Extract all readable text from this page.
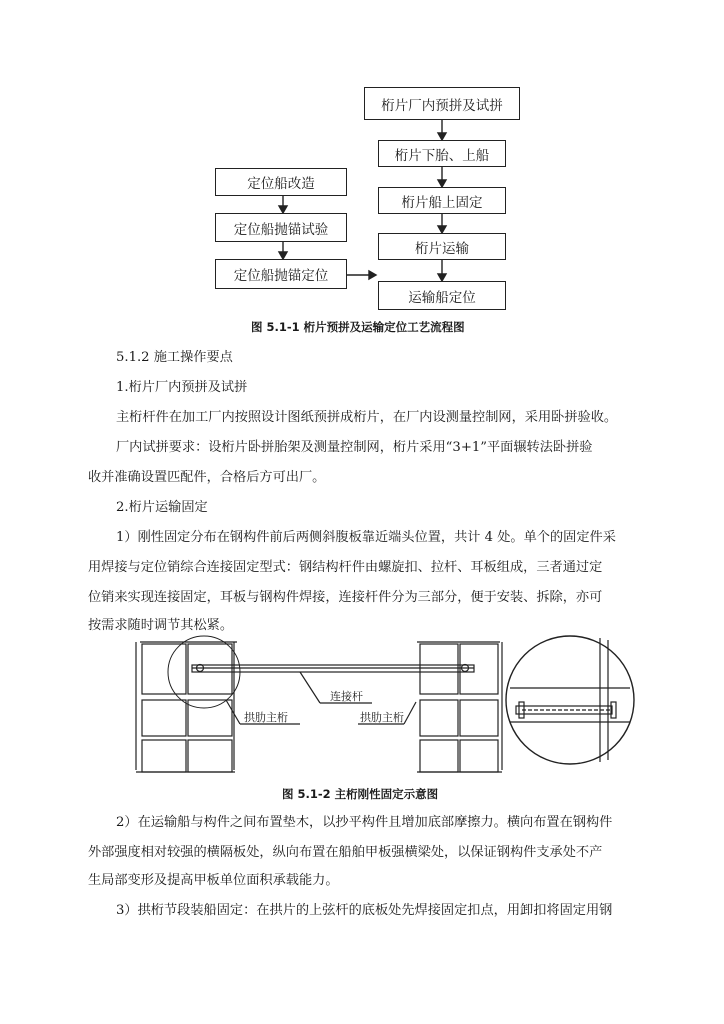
桁片厂内预拼及试拼
桁片下胎、上船
桁片船上固定
桁片运输
运输船定位
定位船改造
定位船抛锚试验
定位船抛锚定位
图 5.1-1 桁片预拼及运输定位工艺流程图

5.1.2 施工操作要点

1.桁片厂内预拼及试拼

主桁杆件在加工厂内按照设计图纸预拼成桁片，在厂内设测量控制网，采用卧拼验收。

厂内试拼要求：设桁片卧拼胎架及测量控制网，桁片采用“3+1”平面辗转法卧拼验

收并准确设置匹配件，合格后方可出厂。

2.桁片运输固定

1）刚性固定分布在钢构件前后两侧斜腹板靠近端头位置，共计 4 处。单个的固定件采

用焊接与定位销综合连接固定型式：钢结构杆件由螺旋扣、拉杆、耳板组成，三者通过定

位销来实现连接固定，耳板与钢构件焊接，连接杆件分为三部分，便于安装、拆除，亦可

按需求随时调节其松紧。

连接杆
拱肋主桁	拱肋主桁
图 5.1-2 主桁刚性固定示意图

2）在运输船与构件之间布置垫木，以抄平构件且增加底部摩擦力。横向布置在钢构件

外部强度相对较强的横隔板处，纵向布置在船舶甲板强横梁处，以保证钢构件支承处不产

生局部变形及提高甲板单位面积承载能力。

3）拱桁节段装船固定：在拱片的上弦杆的底板处先焊接固定扣点，用卸扣将固定用钢
